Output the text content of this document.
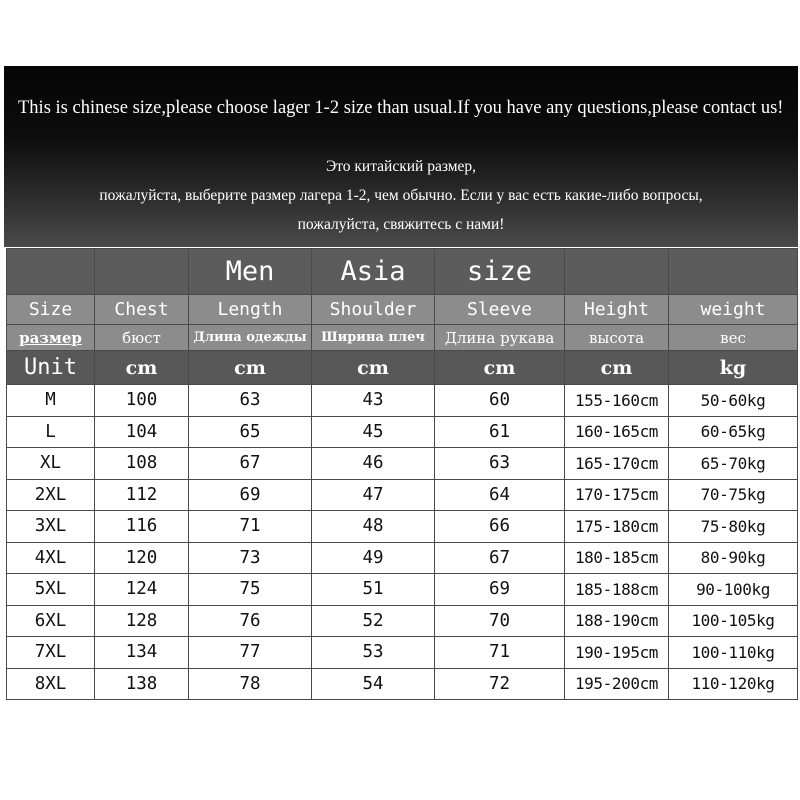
This is chinese size,please choose lager 1-2 size than usual.If you have any questions,please contact us!
Это китайский размер,
пожалуйста, выберите размер лагера 1-2, чем обычно. Если у вас есть какие-либо вопросы,
пожалуйста, свяжитесь с нами!
		Men	Asia	size		
Size	Chest	Length	Shoulder	Sleeve	Height	weight
размер	бюст	Длина одежды	Ширина плеч	Длина рукава	высота	вес
Unit	cm	cm	cm	cm	cm	kg
M	100	63	43	60	155-160cm	50-60kg
L	104	65	45	61	160-165cm	60-65kg
XL	108	67	46	63	165-170cm	65-70kg
2XL	112	69	47	64	170-175cm	70-75kg
3XL	116	71	48	66	175-180cm	75-80kg
4XL	120	73	49	67	180-185cm	80-90kg
5XL	124	75	51	69	185-188cm	90-100kg
6XL	128	76	52	70	188-190cm	100-105kg
7XL	134	77	53	71	190-195cm	100-110kg
8XL	138	78	54	72	195-200cm	110-120kg
